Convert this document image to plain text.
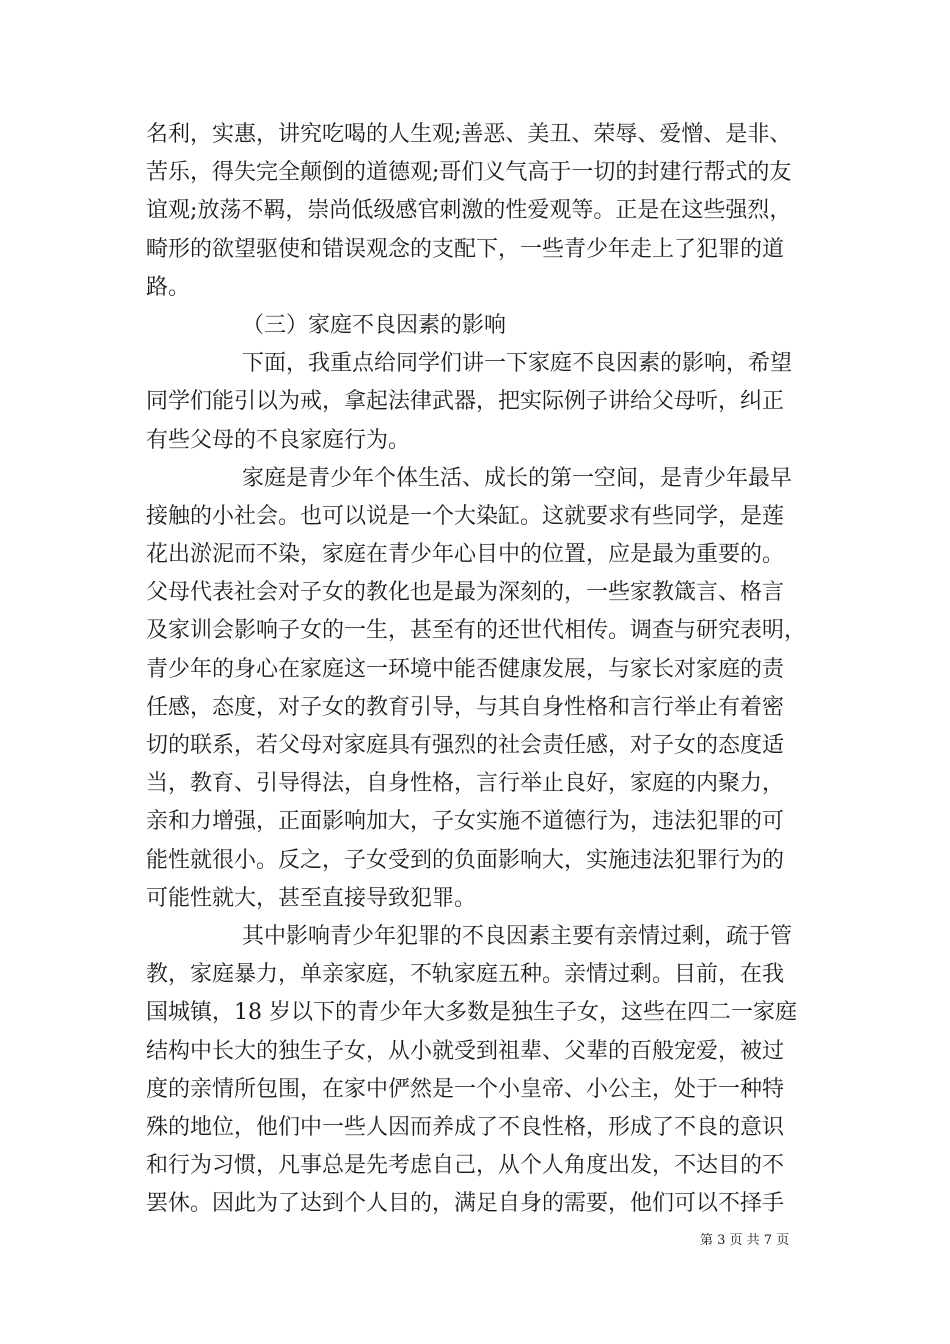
名利，实惠，讲究吃喝的人生观;善恶、美丑、荣辱、爱憎、是非、
苦乐，得失完全颠倒的道德观;哥们义气高于一切的封建行帮式的友
谊观;放荡不羁，崇尚低级感官刺激的性爱观等。正是在这些强烈，
畸形的欲望驱使和错误观念的支配下，一些青少年走上了犯罪的道
路。
（三）家庭不良因素的影响
下面，我重点给同学们讲一下家庭不良因素的影响，希望
同学们能引以为戒，拿起法律武器，把实际例子讲给父母听，纠正
有些父母的不良家庭行为。
家庭是青少年个体生活、成长的第一空间，是青少年最早
接触的小社会。也可以说是一个大染缸。这就要求有些同学，是莲
花出淤泥而不染，家庭在青少年心目中的位置，应是最为重要的。
父母代表社会对子女的教化也是最为深刻的，一些家教箴言、格言
及家训会影响子女的一生，甚至有的还世代相传。调查与研究表明，
青少年的身心在家庭这一环境中能否健康发展，与家长对家庭的责
任感，态度，对子女的教育引导，与其自身性格和言行举止有着密
切的联系，若父母对家庭具有强烈的社会责任感，对子女的态度适
当，教育、引导得法，自身性格，言行举止良好，家庭的内聚力，
亲和力增强，正面影响加大，子女实施不道德行为，违法犯罪的可
能性就很小。反之，子女受到的负面影响大，实施违法犯罪行为的
可能性就大，甚至直接导致犯罪。
其中影响青少年犯罪的不良因素主要有亲情过剩，疏于管
教，家庭暴力，单亲家庭，不轨家庭五种。亲情过剩。目前，在我
国城镇，18 岁以下的青少年大多数是独生子女，这些在四二一家庭
结构中长大的独生子女，从小就受到祖辈、父辈的百般宠爱，被过
度的亲情所包围，在家中俨然是一个小皇帝、小公主，处于一种特
殊的地位，他们中一些人因而养成了不良性格，形成了不良的意识
和行为习惯，凡事总是先考虑自己，从个人角度出发，不达目的不
罢休。因此为了达到个人目的，满足自身的需要，他们可以不择手
第 3 页 共 7 页
